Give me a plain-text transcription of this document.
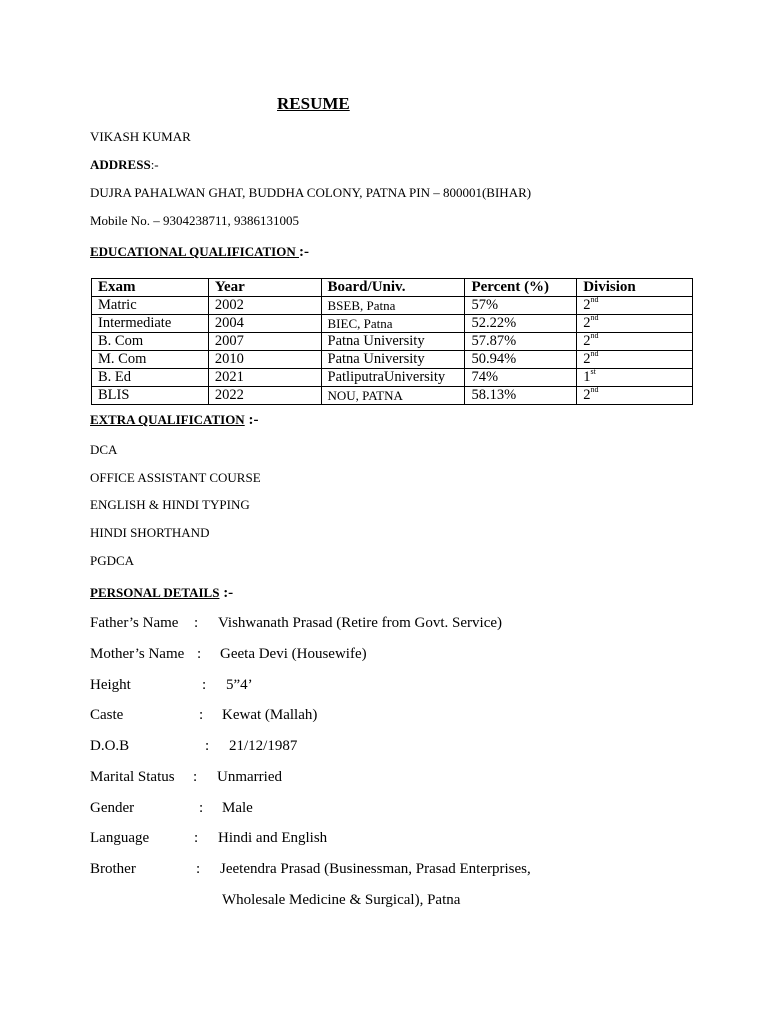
RESUME
VIKASH KUMAR
ADDRESS:-
DUJRA PAHALWAN GHAT, BUDDHA COLONY, PATNA PIN – 800001(BIHAR)
Mobile No. – 9304238711, 9386131005
EDUCATIONAL QUALIFICATION :-
Exam	Year	Board/Univ.	Percent (%)	Division
Matric	2002	BSEB, Patna	57%	2nd
Intermediate	2004	BIEC, Patna	52.22%	2nd
B. Com	2007	Patna University	57.87%	2nd
M. Com	2010	Patna University	50.94%	2nd
B. Ed	2021	PatliputraUniversity	74%	1st
BLIS	2022	NOU, PATNA	58.13%	2nd
EXTRA QUALIFICATION :-
DCA
OFFICE ASSISTANT COURSE
ENGLISH & HINDI TYPING
HINDI SHORTHAND
PGDCA
PERSONAL DETAILS :-
Father’s Name : Vishwanath Prasad (Retire from Govt. Service)
Mother’s Name : Geeta Devi (Housewife)
Height	: 5”4’
Caste	: Kewat (Mallah)
D.O.B	: 21/12/1987
Marital Status : Unmarried
Gender	: Male
Language	: Hindi and English
Brother	: Jeetendra Prasad (Businessman, Prasad Enterprises,
Wholesale Medicine & Surgical), Patna
